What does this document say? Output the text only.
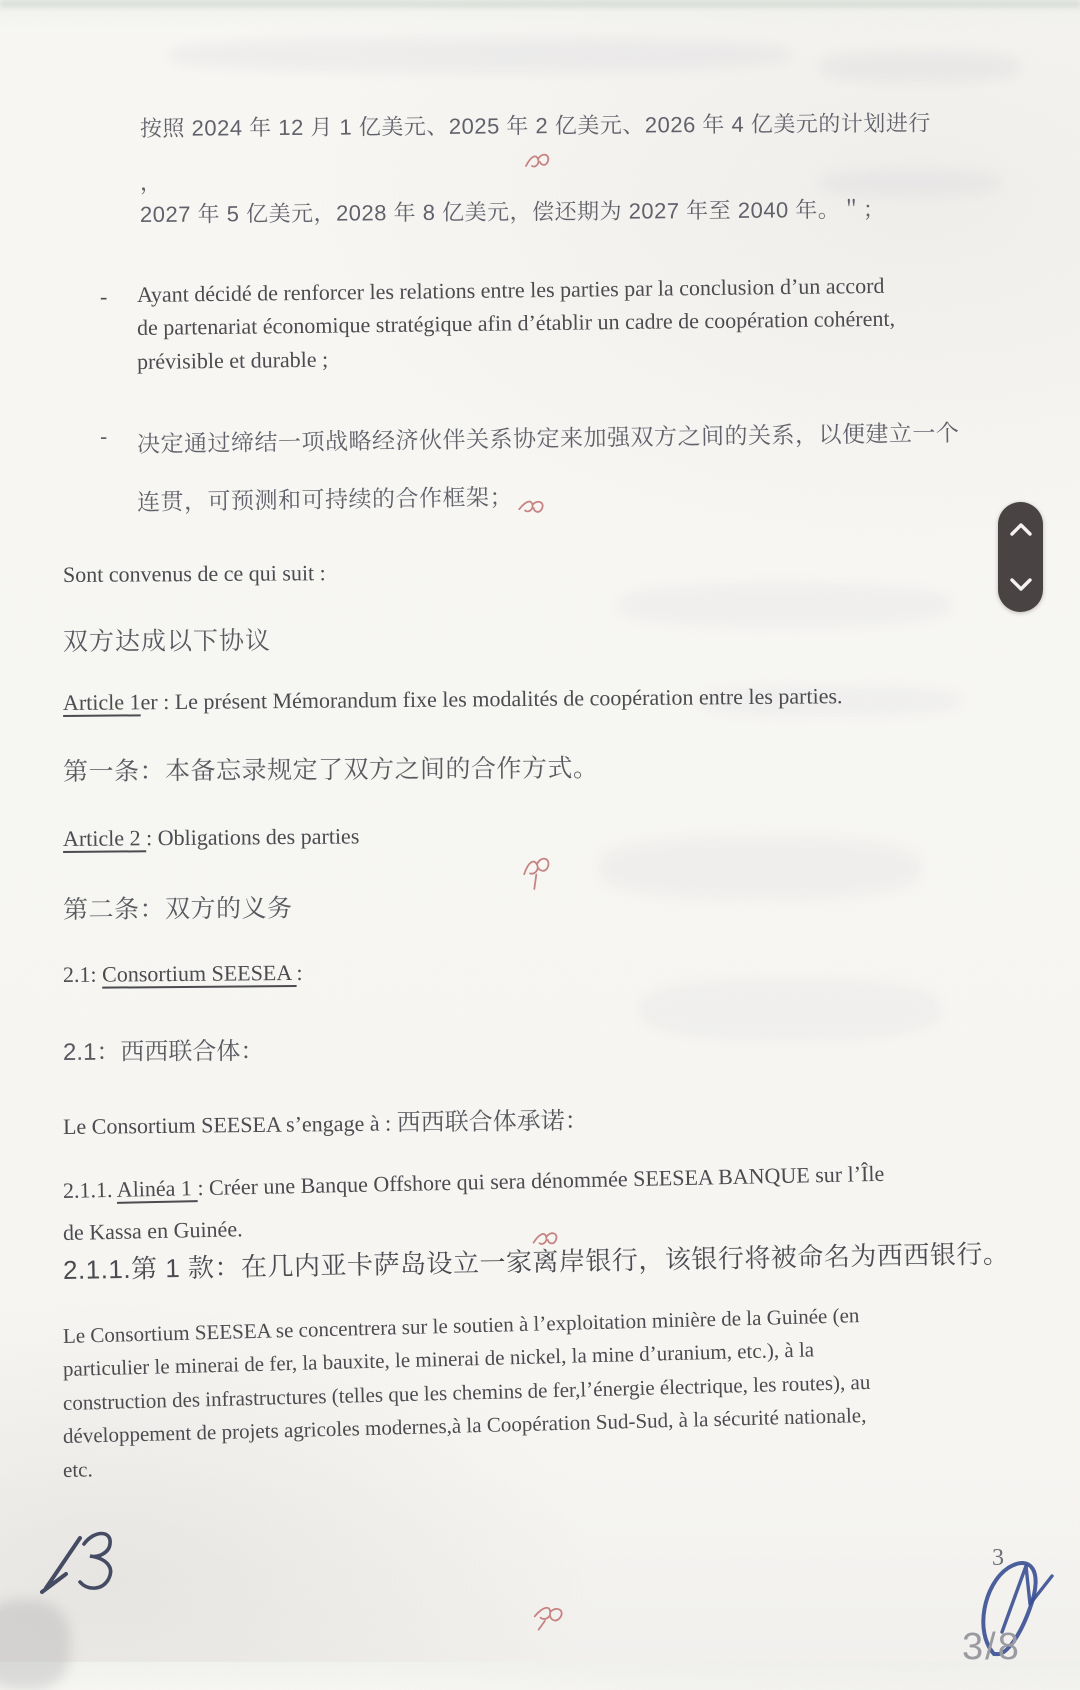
按照 2024 年 12 月 1 亿美元、2025 年 2 亿美元、2026 年 4 亿美元的计划进行
，
2027 年 5 亿美元，2028 年 8 亿美元，偿还期为 2027 年至 2040 年。＂；
- Ayant décidé de renforcer les relations entre les parties par la conclusion d’un accord
de partenariat économique stratégique afin d’établir un cadre de coopération cohérent,
prévisible et durable ;
- 决定通过缔结一项战略经济伙伴关系协定来加强双方之间的关系，以便建立一个
连贯，可预测和可持续的合作框架；
Sont convenus de ce qui suit :
双方达成以下协议
Article 1er : Le présent Mémorandum fixe les modalités de coopération entre les parties.
第一条：本备忘录规定了双方之间的合作方式。
Article 2 : Obligations des parties
第二条：双方的义务
2.1: Consortium SEESEA :
2.1：西西联合体：
Le Consortium SEESEA s’engage à : 西西联合体承诺：
2.1.1. Alinéa 1 : Créer une Banque Offshore qui sera dénommée SEESEA BANQUE sur l’Île
de Kassa en Guinée.
2.1.1.第 1 款：在几内亚卡萨岛设立一家离岸银行，该银行将被命名为西西银行。
Le Consortium SEESEA se concentrera sur le soutien à l’exploitation minière de la Guinée (en
particulier le minerai de fer, la bauxite, le minerai de nickel, la mine d’uranium, etc.), à la
construction des infrastructures (telles que les chemins de fer,l’énergie électrique, les routes), au
développement de projets agricoles modernes,à la Coopération Sud-Sud, à la sécurité nationale,
etc.
3
3/8
